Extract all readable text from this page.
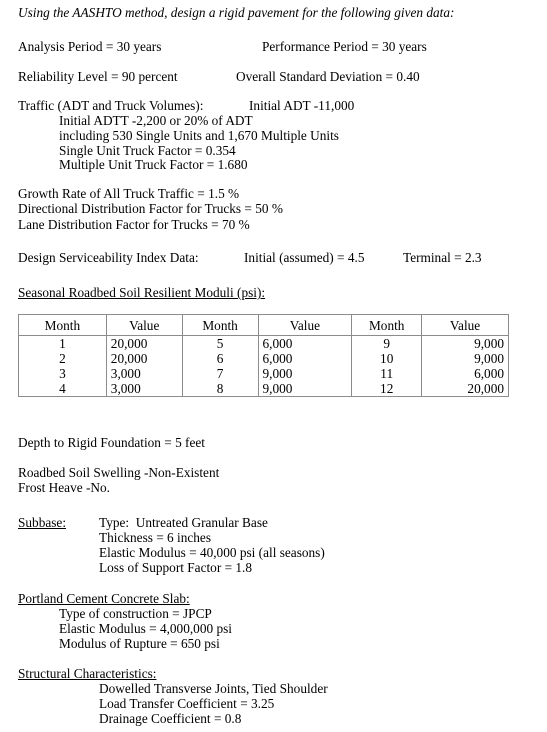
Using the AASHTO method, design a rigid pavement for the following given data:
Analysis Period = 30 years	Performance Period = 30 years
Reliability Level = 90 percent	Overall Standard Deviation = 0.40
Traffic (ADT and Truck Volumes):	Initial ADT -11,000
Initial ADTT -2,200 or 20% of ADT
including 530 Single Units and 1,670 Multiple Units
Single Unit Truck Factor = 0.354
Multiple Unit Truck Factor = 1.680
Growth Rate of All Truck Traffic = 1.5 %
Directional Distribution Factor for Trucks = 50 %
Lane Distribution Factor for Trucks = 70 %
Design Serviceability Index Data:	Initial (assumed) = 4.5	Terminal = 2.3
Seasonal Roadbed Soil Resilient Moduli (psi):
Month	Value	Month	Value	Month	Value
1	20,000	5	6,000	9	9,000
2	20,000	6	6,000	10	9,000
3	3,000	7	9,000	11	6,000
4	3,000	8	9,000	12	20,000
Depth to Rigid Foundation = 5 feet
Roadbed Soil Swelling -Non-Existent
Frost Heave -No.
Subbase: Type:  Untreated Granular Base
Thickness = 6 inches
Elastic Modulus = 40,000 psi (all seasons)
Loss of Support Factor = 1.8
Portland Cement Concrete Slab:
Type of construction = JPCP
Elastic Modulus = 4,000,000 psi
Modulus of Rupture = 650 psi
Structural Characteristics:
Dowelled Transverse Joints, Tied Shoulder
Load Transfer Coefficient = 3.25
Drainage Coefficient = 0.8
